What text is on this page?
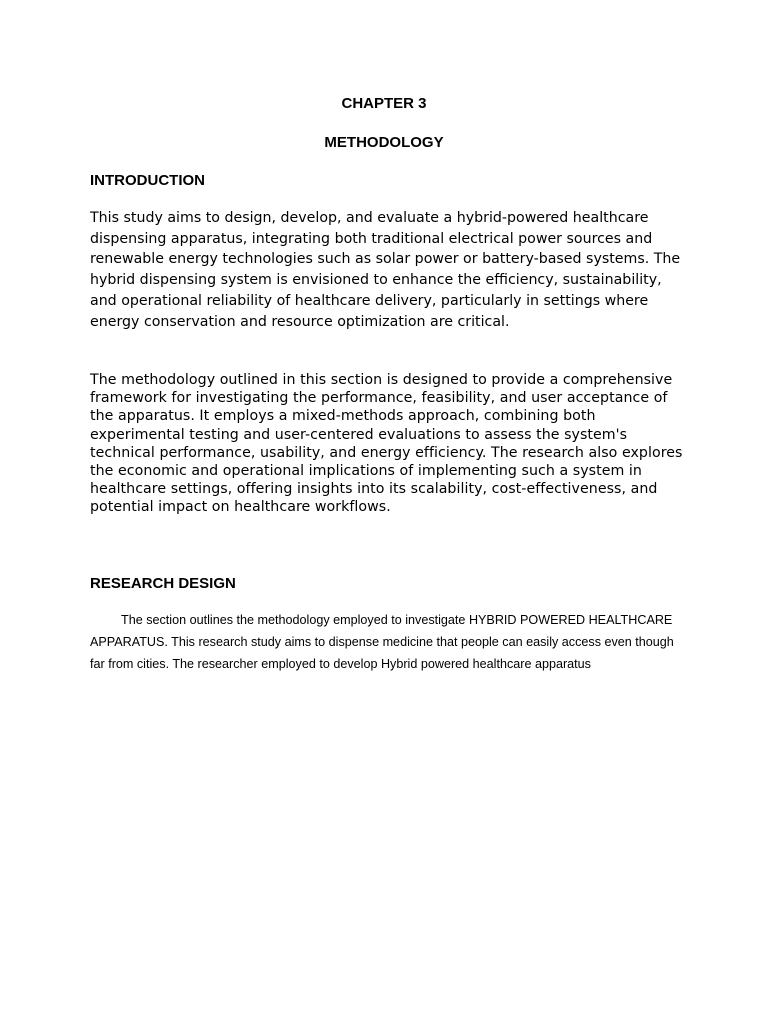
CHAPTER 3
METHODOLOGY
INTRODUCTION

This study aims to design, develop, and evaluate a hybrid-powered healthcare dispensing apparatus, integrating both traditional electrical power sources and renewable energy technologies such as solar power or battery-based systems. The hybrid dispensing system is envisioned to enhance the efficiency, sustainability, and operational reliability of healthcare delivery, particularly in settings where energy conservation and resource optimization are critical.

The methodology outlined in this section is designed to provide a comprehensive framework for investigating the performance, feasibility, and user acceptance of the apparatus. It employs a mixed-methods approach, combining both experimental testing and user-centered evaluations to assess the system's technical performance, usability, and energy efficiency. The research also explores the economic and operational implications of implementing such a system in healthcare settings, offering insights into its scalability, cost-effectiveness, and potential impact on healthcare workflows.

RESEARCH DESIGN

The section outlines the methodology employed to investigate HYBRID POWERED HEALTHCARE APPARATUS. This research study aims to dispense medicine that people can easily access even though far from cities. The researcher employed to develop Hybrid powered healthcare apparatus
